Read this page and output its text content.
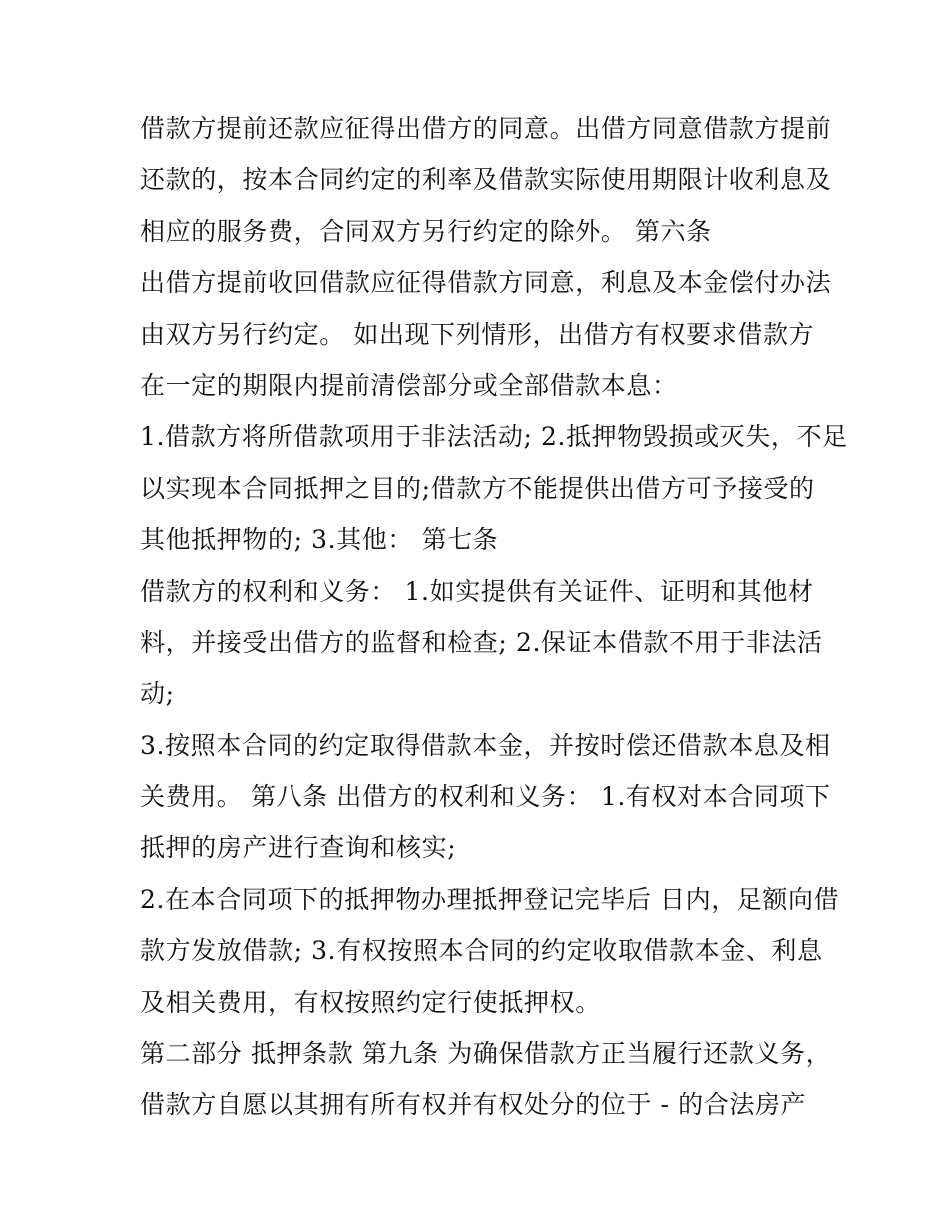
借款方提前还款应征得出借方的同意。出借方同意借款方提前
还款的，按本合同约定的利率及借款实际使用期限计收利息及
相应的服务费，合同双方另行约定的除外。 第六条
出借方提前收回借款应征得借款方同意，利息及本金偿付办法
由双方另行约定。 如出现下列情形，出借方有权要求借款方
在一定的期限内提前清偿部分或全部借款本息：
1.借款方将所借款项用于非法活动; 2.抵押物毁损或灭失，不足
以实现本合同抵押之目的;借款方不能提供出借方可予接受的
其他抵押物的; 3.其他： 第七条
借款方的权利和义务： 1.如实提供有关证件、证明和其他材
料，并接受出借方的监督和检查; 2.保证本借款不用于非法活
动;
3.按照本合同的约定取得借款本金，并按时偿还借款本息及相
关费用。 第八条 出借方的权利和义务： 1.有权对本合同项下
抵押的房产进行查询和核实;
2.在本合同项下的抵押物办理抵押登记完毕后 日内，足额向借
款方发放借款; 3.有权按照本合同的约定收取借款本金、利息
及相关费用，有权按照约定行使抵押权。
第二部分 抵押条款 第九条 为确保借款方正当履行还款义务，
借款方自愿以其拥有所有权并有权处分的位于 - 的合法房产
